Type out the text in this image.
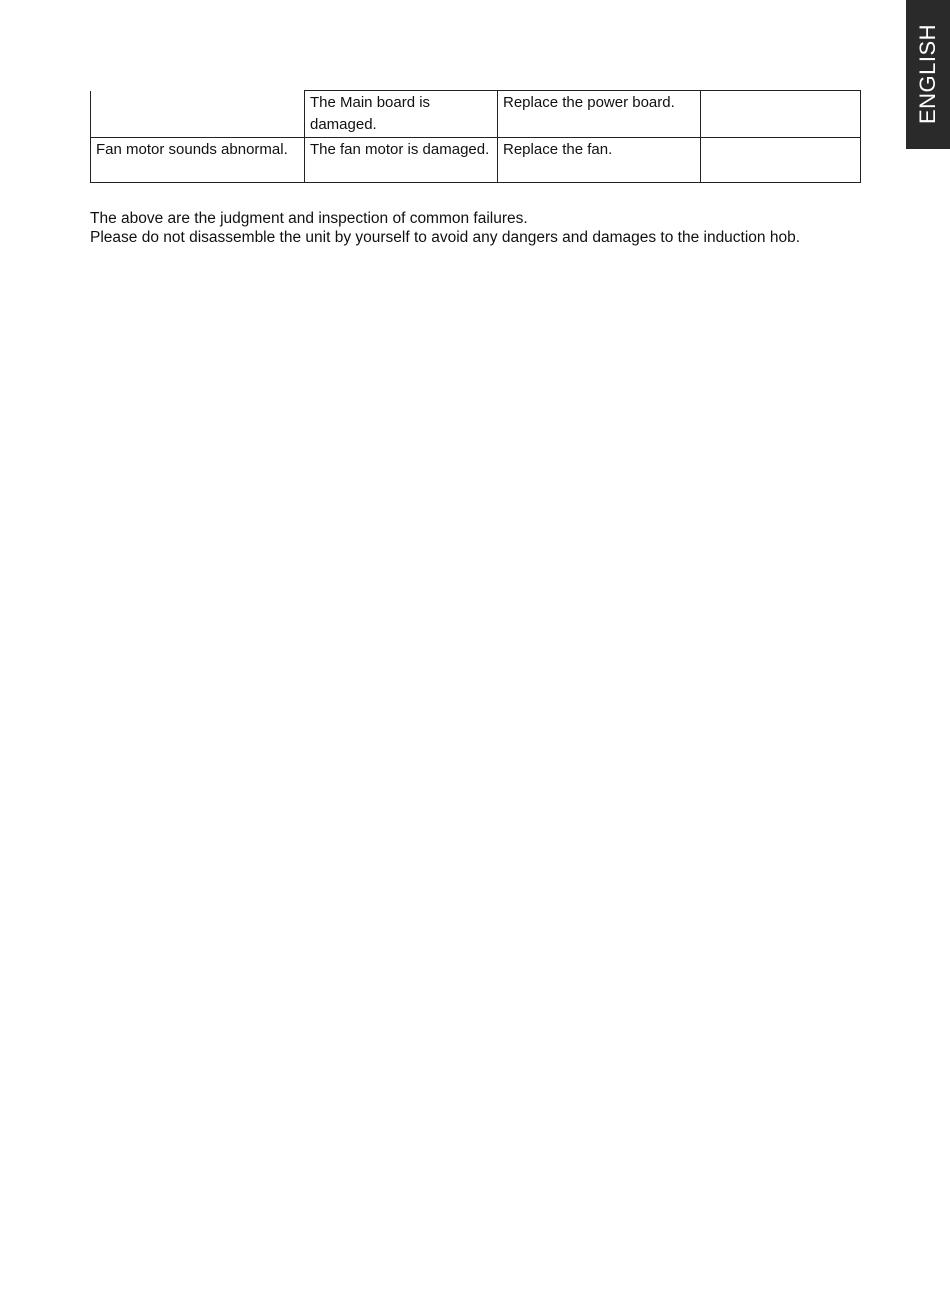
ENGLISH
	The Main board is damaged.	Replace the power board.	
Fan motor sounds abnormal.	The fan motor is damaged.	Replace the fan.	

The above are the judgment and inspection of common failures.

Please do not disassemble the unit by yourself to avoid any dangers and damages to the induction hob.
